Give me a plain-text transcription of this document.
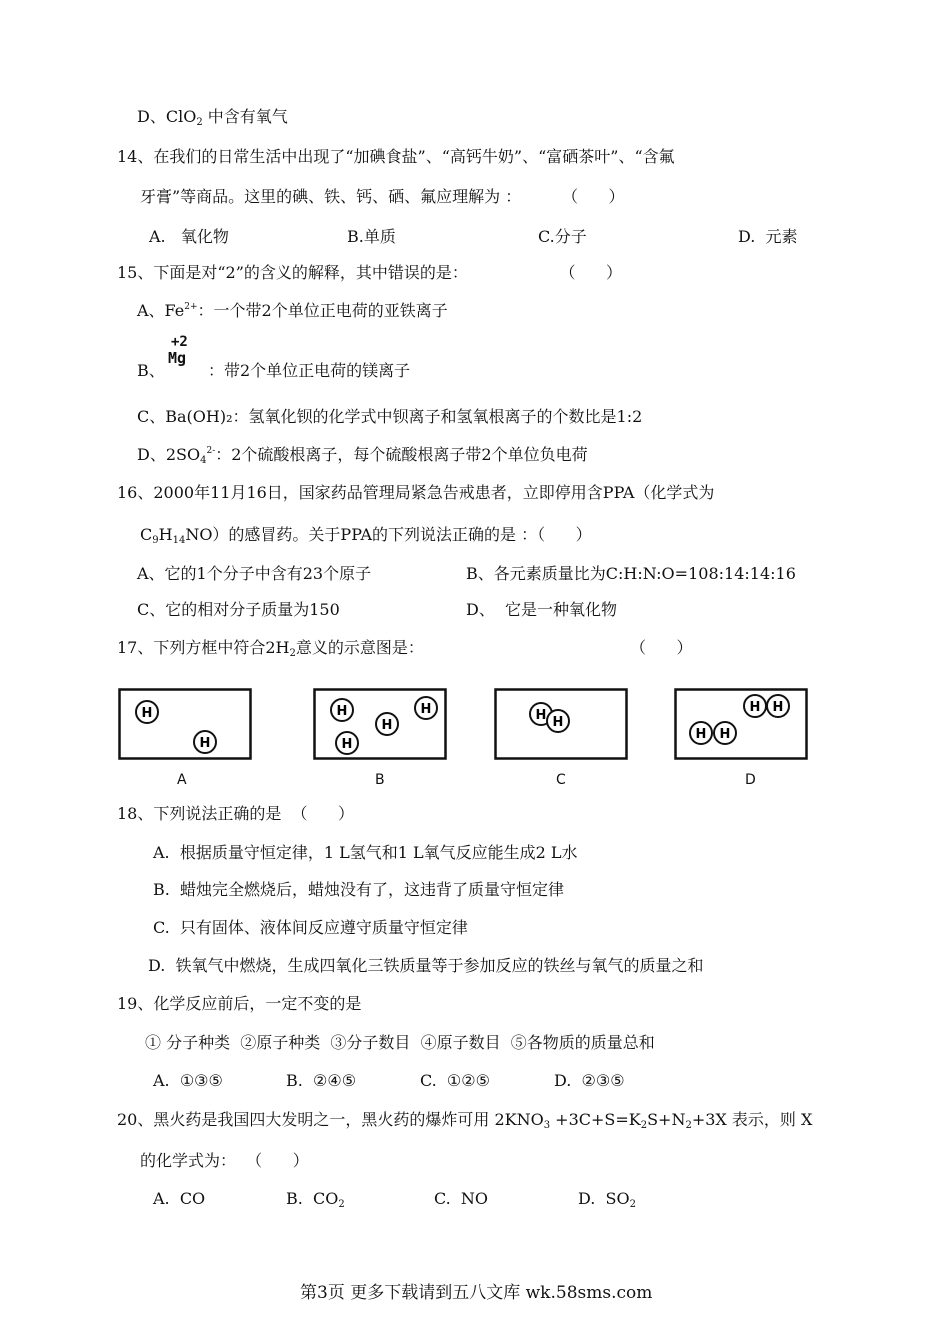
D、ClO$_2$ 中含有氧气
14、在我们的日常生活中出现了“加碘食盐”、“高钙牛奶”、“富硒茶叶”、“含氟
牙膏”等商品。这里的碘、铁、钙、硒、氟应理解为 ：        （      ）
A.   氧化物	B.单质	C.分子	D.  元素
15、下面是对“2”的含义的解释，其中错误的是：                  （      ）
A、$Fe^{2+}$：一个带2个单位正电荷的亚铁离子
B、
+2
Mg
：带2个单位正电荷的镁离子
C、Ba(OH)₂：氢氧化钡的化学式中钡离子和氢氧根离子的个数比是1:2
D、$2SO_4^{2-}$：2个硫酸根离子，每个硫酸根离子带2个单位负电荷
16、2000年11月16日，国家药品管理局紧急告戒患者，立即停用含PPA（化学式为
$C_9H_{14}NO$）的感冒药。关于PPA的下列说法正确的是 ：（      ）
A、它的1个分子中含有23个原子	B、各元素质量比为C:H:N:O=108:14:14:16
C、它的相对分子质量为150	D、  它是一种氧化物
17、下列方框中符合$2H_2$意义的示意图是：	（      ）
H
H
H
H
H
H
H H
H H
H H
A	B	C	D
18、下列说法正确的是  （      ）
A.  根据质量守恒定律，1 L氢气和1 L氧气反应能生成2 L水
B.  蜡烛完全燃烧后，蜡烛没有了，这违背了质量守恒定律
C.  只有固体、液体间反应遵守质量守恒定律
D.  铁氧气中燃烧，生成四氧化三铁质量等于参加反应的铁丝与氧气的质量之和
19、化学反应前后，一定不变的是
① 分子种类  ②原子种类  ③分子数目  ④原子数目  ⑤各物质的质量总和
A.  ①③⑤	B.  ②④⑤	C.  ①②⑤	D.  ②③⑤
20、黑火药是我国四大发明之一，黑火药的爆炸可用 $2KNO_3 +3C+S=K_2S+N_2+3X$ 表示，则 X
的化学式为：  （      ）
A.  CO	B.  $CO_2$	C.  NO	D.  $SO_2$
第3页 更多下载请到五八文库 wk.58sms.com
